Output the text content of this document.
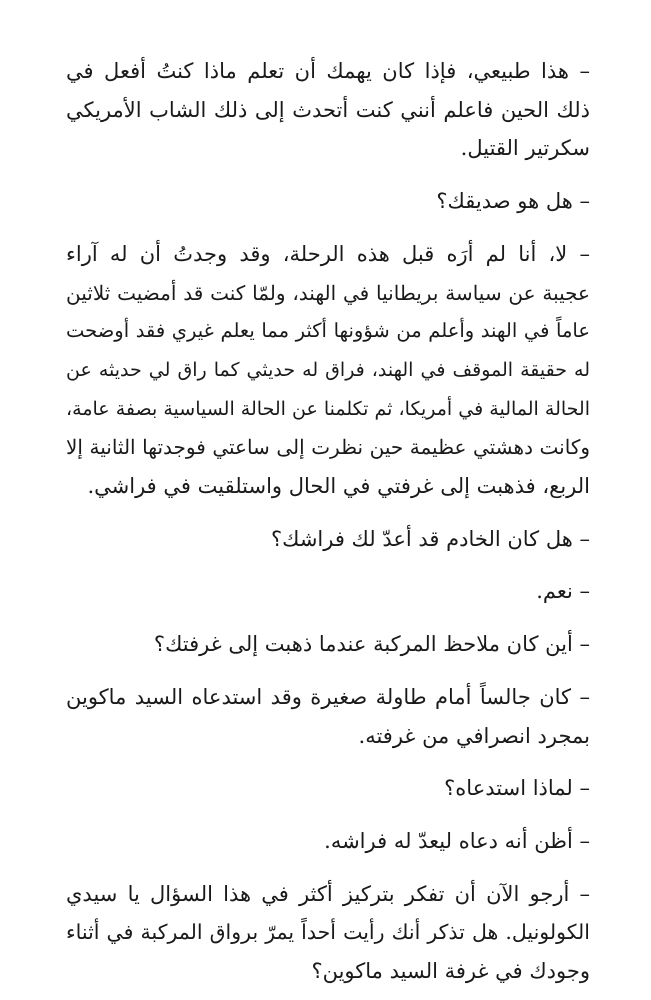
– هذا طبيعي، فإذا كان يهمك أن تعلم ماذا كنتُ أفعل في
ذلك الحين فاعلم أنني كنت أتحدث إلى ذلك الشاب الأمريكي
سكرتير القتيل.
– هل هو صديقك؟
– لا، أنا لم أرَه قبل هذه الرحلة، وقد وجدتُ أن له آراء
عجيبة عن سياسة بريطانيا في الهند، ولمّا كنت قد أمضيت ثلاثين
عاماً في الهند وأعلم من شؤونها أكثر مما يعلم غيري فقد أوضحت
له حقيقة الموقف في الهند، فراق له حديثي كما راق لي حديثه عن
الحالة المالية في أمريكا، ثم تكلمنا عن الحالة السياسية بصفة عامة،
وكانت دهشتي عظيمة حين نظرت إلى ساعتي فوجدتها الثانية إلا
الربع، فذهبت إلى غرفتي في الحال واستلقيت في فراشي.
– هل كان الخادم قد أعدّ لك فراشك؟
– نعم.
– أين كان ملاحظ المركبة عندما ذهبت إلى غرفتك؟
– كان جالساً أمام طاولة صغيرة وقد استدعاه السيد ماكوين
بمجرد انصرافي من غرفته.
– لماذا استدعاه؟
– أظن أنه دعاه ليعدّ له فراشه.
– أرجو الآن أن تفكر بتركيز أكثر في هذا السؤال يا سيدي
الكولونيل. هل تذكر أنك رأيت أحداً يمرّ برواق المركبة في أثناء
وجودك في غرفة السيد ماكوين؟
